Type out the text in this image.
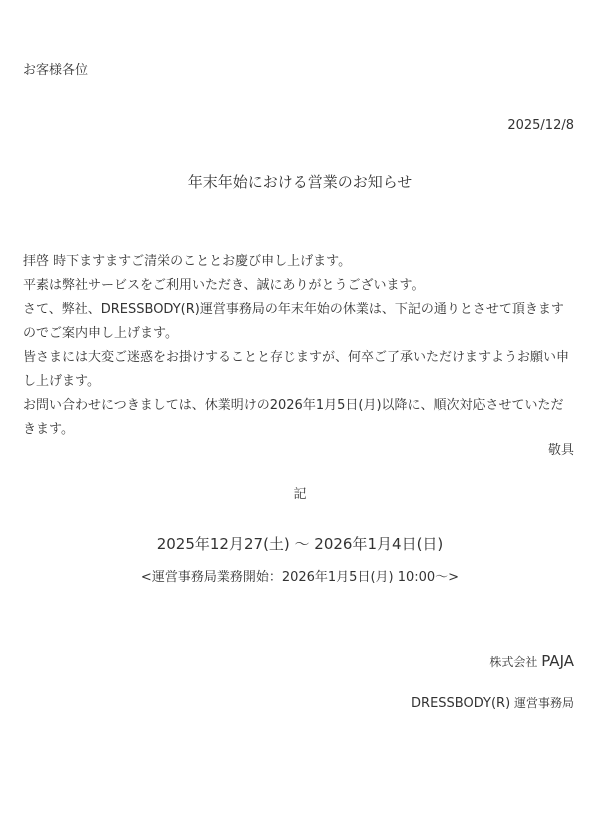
お客様各位
2025/12/8
年末年始における営業のお知らせ

拝啓 時下ますますご清栄のこととお慶び申し上げます。

平素は弊社サービスをご利用いただき、誠にありがとうございます。

さて、弊社、DRESSBODY(R)運営事務局の年末年始の休業は、下記の通りとさせて頂きますのでご案内申し上げます。

皆さまには大変ご迷惑をお掛けすることと存じますが、何卒ご了承いただけますようお願い申し上げます。

お問い合わせにつきましては、休業明けの2026年1月5日(月)以降に、順次対応させていただきます。

敬具
記
2025年12月27(土) 〜 2026年1月4日(日)
<運営事務局業務開始：2026年1月5日(月) 10:00〜>
株式会社 PAJA
DRESSBODY(R) 運営事務局
